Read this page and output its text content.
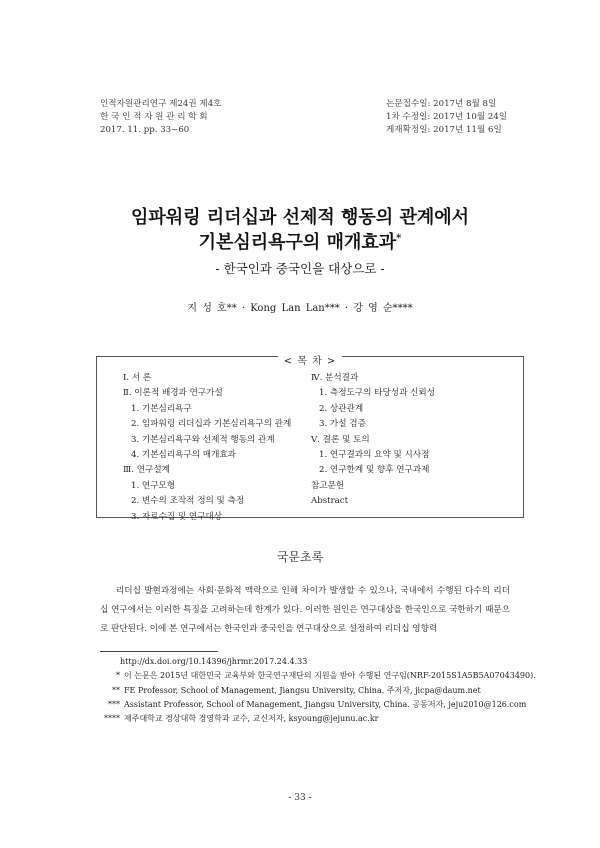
인적자원관리연구 제24권 제4호
한 국 인 적 자 원 관 리 학 회
2017. 11. pp. 33~60
논문접수일: 2017년 8월 8일
1차 수정일: 2017년 10월 24일
게재확정일: 2017년 11월 6일
임파워링 리더십과 선제적 행동의 관계에서
기본심리욕구의 매개효과*
- 한국인과 중국인을 대상으로 -
지 성 호** · Kong Lan Lan*** · 강 영 순****
< 목 차 >
Ⅰ. 서 론
Ⅱ. 이론적 배경과 연구가설
1. 기본심리욕구
2. 임파워링 리더십과 기본심리욕구의 관계
3. 기본심리욕구와 선제적 행동의 관계
4. 기본심리욕구의 매개효과
Ⅲ. 연구설계
1. 연구모형
2. 변수의 조작적 정의 및 측정
3. 자료수집 및 연구대상
Ⅳ. 분석결과
1. 측정도구의 타당성과 신뢰성
2. 상관관계
3. 가설 검증
Ⅴ. 결론 및 토의
1. 연구결과의 요약 및 시사점
2. 연구한계 및 향후 연구과제
참고문헌
Abstract
국문초록

리더십 발현과정에는 사회·문화적 맥락으로 인해 차이가 발생할 수 있으나, 국내에서 수행된 다수의 리더십 연구에서는 이러한 특징을 고려하는데 한계가 있다. 이러한 원인은 연구대상을 한국인으로 국한하기 때문으로 판단된다. 이에 본 연구에서는 한국인과 중국인을 연구대상으로 설정하여 리더십 영향력

http://dx.doi.org/10.14396/jhrmr.2017.24.4.33
* 이 논문은 2015년 대한민국 교육부와 한국연구재단의 지원을 받아 수행된 연구임(NRF-2015S1A5B5A07043490).
** FE Professor, School of Management, Jiangsu University, China. 주저자, jicpa@daum.net
*** Assistant Professor, School of Management, Jiangsu University, China. 공동저자, jeju2010@126.com
**** 제주대학교 경상대학 경영학과 교수, 교신저자, ksyoung@jejunu.ac.kr
- 33 -
